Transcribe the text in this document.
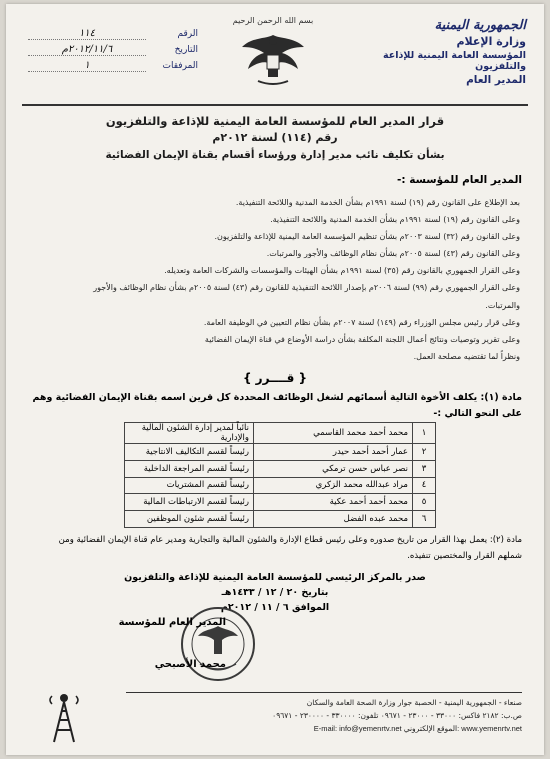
الجمهورية اليمنية
وزارة الإعلام
المؤسسة العامة اليمنية للإذاعة والتلفزيون
المدير العام
بسم الله الرحمن الرحيم
الرقم
١١٤
التاريخ
٢٠١٢/١١/٦م
المرفقات
١
قرار المدير العام للمؤسسة العامة اليمنية للإذاعة والتلفزيون
رقم (١١٤) لسنة ٢٠١٢م
بشأن تكليف نائب مدير إدارة ورؤساء أقسام بقناة الإيمان الفضائية
المدير العام للمؤسسة :-
بعد الإطلاع على القانون رقم (١٩) لسنة ١٩٩١م بشأن الخدمة المدنية واللائحة التنفيذية.
وعلى القانون رقم (١٩) لسنة ١٩٩١م بشأن الخدمة المدنية واللائحة التنفيذية.
وعلى القانون رقم (٣٢) لسنة ٢٠٠٣م بشأن تنظيم المؤسسة العامة اليمنية للإذاعة والتلفزيون.
وعلى القانون رقم (٤٣) لسنة ٢٠٠٥م بشأن نظام الوظائف والأجور والمرتبات.
وعلى القرار الجمهوري بالقانون رقم (٣٥) لسنة ١٩٩١م بشأن الهيئات والمؤسسات والشركات العامة وتعديله.
وعلى القرار الجمهوري رقم (٩٩) لسنة ٢٠٠٦م بإصدار اللائحة التنفيذية للقانون رقم (٤٣) لسنة ٢٠٠٥م بشأن نظام الوظائف والأجور
والمرتبات.
وعلى قرار رئيس مجلس الوزراء رقم (١٤٩) لسنة ٢٠٠٧م بشأن نظام التعيين في الوظيفة العامة.
وعلى تقرير وتوصيات ونتائج أعمال اللجنة المكلفة بشأن دراسة الأوضاع في قناة الإيمان الفضائية
ونظراً لما تقتضيه مصلحة العمل.
{ قــــرر }
مادة (١): يكلف الأخوة التالية أسمائهم لشغل الوظائف المحددة كل قرين اسمه بقناة الإيمان الفضائية وهم على النحو التالي :-
١	محمد أحمد محمد القاسمي	نائباً لمدير إدارة الشئون المالية والإدارية
٢	عمار أحمد أحمد حيدر	رئيساً لقسم التكاليف الانتاجية
٣	نصر عباس حسن ترمكي	رئيساً لقسم المراجعة الداخلية
٤	مراد عبدالله محمد الزكري	رئيساً لقسم المشتريات
٥	محمد أحمد أحمد عكية	رئيساً لقسم الارتباطات المالية
٦	محمد عبده الفضل	رئيساً لقسم شئون الموظفين
مادة (٢): يعمل بهذا القرار من تاريخ صدوره وعلى رئيس قطاع الإدارة والشئون المالية والتجارية ومدير عام قناة الإيمان الفضائية ومن شملهم القرار والمختصين تنفيذه.
صدر بالمركز الرئيسي للمؤسسة العامة اليمنية للإذاعة والتلفزيون
بتاريخ ٢٠ / ١٢ / ١٤٣٣هـ
الموافق ٦ / ١١ / ٢٠١٢م
المدير العام للمؤسسة
محمد الأصبحي
صنعاء - الجمهورية اليمنية - الحصبة جوار وزارة الصحة العامة والسكان
ص.ب: ٢١٨٢ فاكس: ٣٣٠٠٠ - ٢٣٠٠٠ - ٠٩٦٧١ تلفون: ٣٣٠٠٠٠ - ٢٣٠٠٠٠ - ٠٩٦٧١
E-mail: info@yemenrtv.net الموقع الإلكتروني: www.yemenrtv.net
